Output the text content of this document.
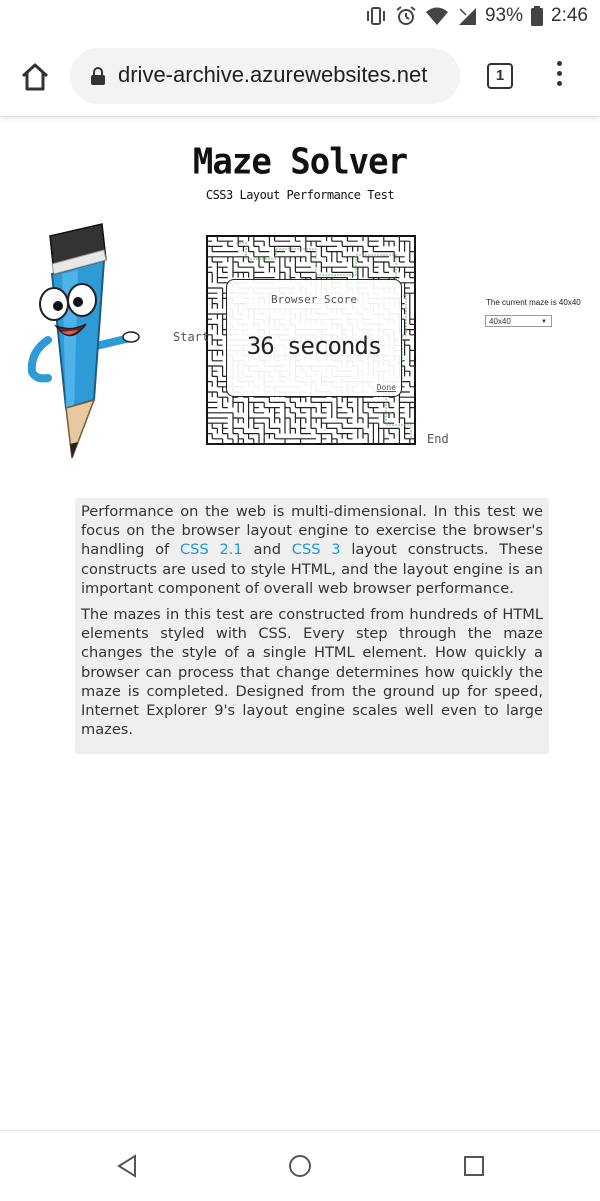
93% 2:46
drive-archive.azurewebsites.net	1
Maze Solver
CSS3 Layout Performance Test
Start
End
Browser Score
36 seconds
Done
The current maze is 40x40
40x40	▼

Performance on the web is multi-dimensional. In this test we focus on the browser layout engine to exercise the browser's handling of CSS 2.1 and CSS 3 layout constructs. These constructs are used to style HTML, and the layout engine is an important component of overall web browser performance.

The mazes in this test are constructed from hundreds of HTML elements styled with CSS. Every step through the maze changes the style of a single HTML element. How quickly a browser can process that change determines how quickly the maze is completed. Designed from the ground up for speed, Internet Explorer 9's layout engine scales well even to large mazes.
